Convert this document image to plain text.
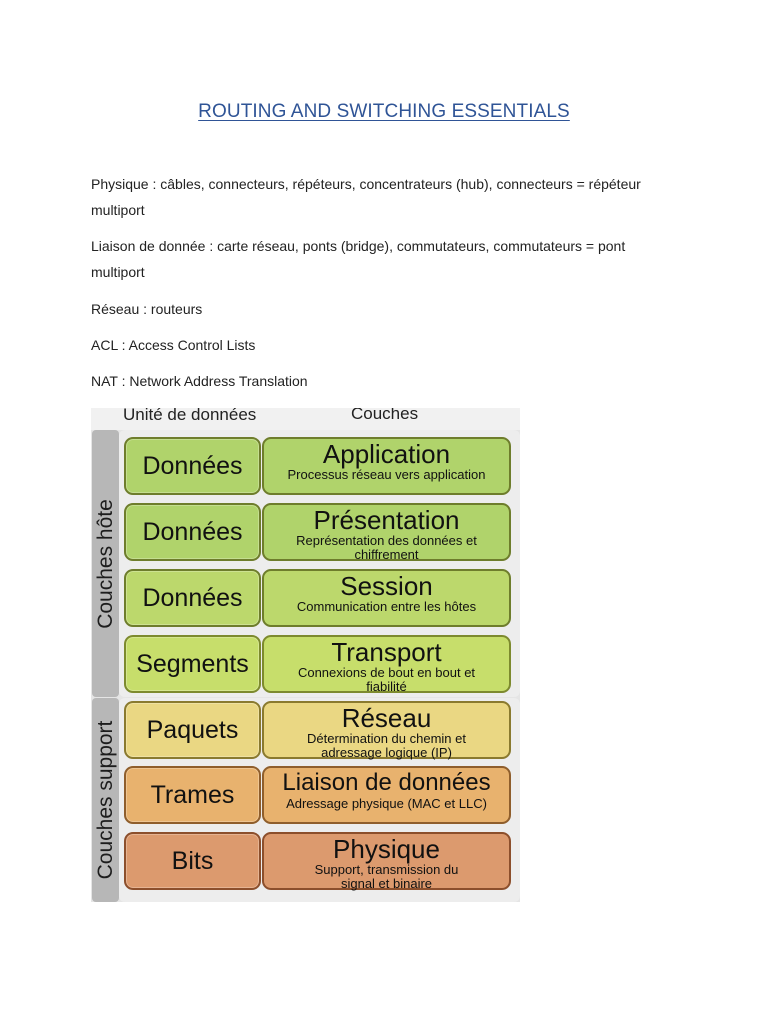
ROUTING AND SWITCHING ESSENTIALS

Physique : câbles, connecteurs, répéteurs, concentrateurs (hub), connecteurs = répéteur multiport

Liaison de donnée : carte réseau, ponts (bridge), commutateurs, commutateurs = pont multiport

Réseau : routeurs

ACL : Access Control Lists

NAT : Network Address Translation

Unité de données	Couches
Couches hôte
Couches support
Données	Application
Processus réseau vers application
Données	Présentation
Représentation des données et chiffrement
Données	Session
Communication entre les hôtes
Segments	Transport
Connexions de bout en bout et fiabilité
Paquets	Réseau
Détermination du chemin et adressage logique (IP)
Trames	Liaison de données
Adressage physique (MAC et LLC)
Bits	Physique
Support, transmission du signal et binaire
